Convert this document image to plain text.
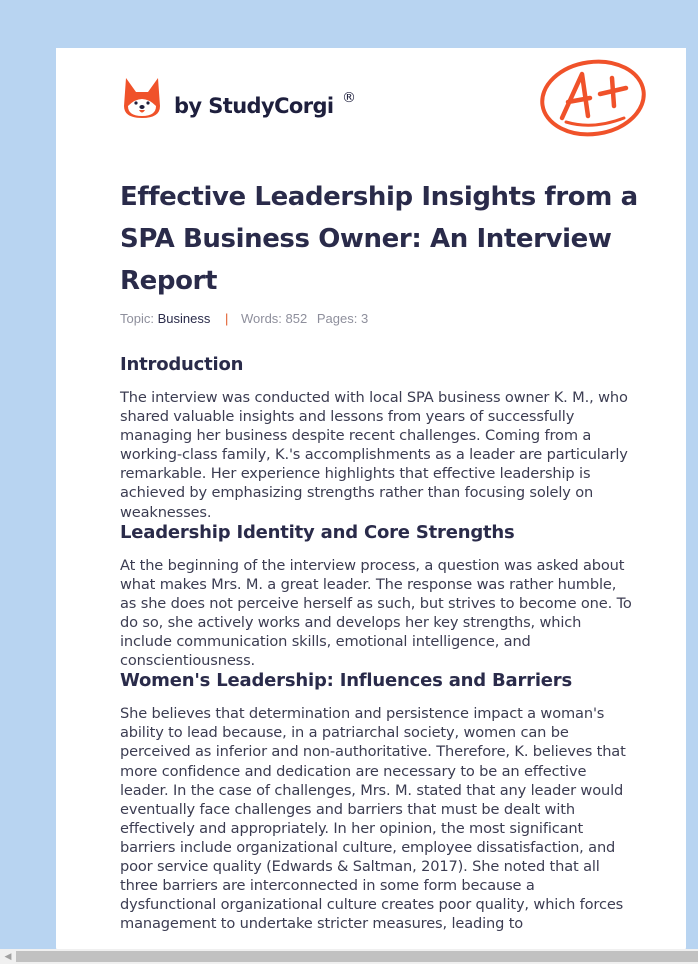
by StudyCorgi ®
Effective Leadership Insights from a SPA Business Owner: An Interview Report
Topic: Business | Words: 852 Pages: 3
Introduction

The interview was conducted with local SPA business owner K. M., who shared valuable insights and lessons from years of successfully managing her business despite recent challenges. Coming from a working-class family, K.'s accomplishments as a leader are particularly remarkable. Her experience highlights that effective leadership is achieved by emphasizing strengths rather than focusing solely on weaknesses.

Leadership Identity and Core Strengths

At the beginning of the interview process, a question was asked about what makes Mrs. M. a great leader. The response was rather humble, as she does not perceive herself as such, but strives to become one. To do so, she actively works and develops her key strengths, which include communication skills, emotional intelligence, and conscientiousness.

Women's Leadership: Influences and Barriers

She believes that determination and persistence impact a woman's ability to lead because, in a patriarchal society, women can be perceived as inferior and non-authoritative. Therefore, K. believes that more confidence and dedication are necessary to be an effective leader. In the case of challenges, Mrs. M. stated that any leader would eventually face challenges and barriers that must be dealt with effectively and appropriately. In her opinion, the most significant barriers include organizational culture, employee dissatisfaction, and poor service quality (Edwards & Saltman, 2017). She noted that all three barriers are interconnected in some form because a dysfunctional organizational culture creates poor quality, which forces management to undertake stricter measures, leading to

◀
